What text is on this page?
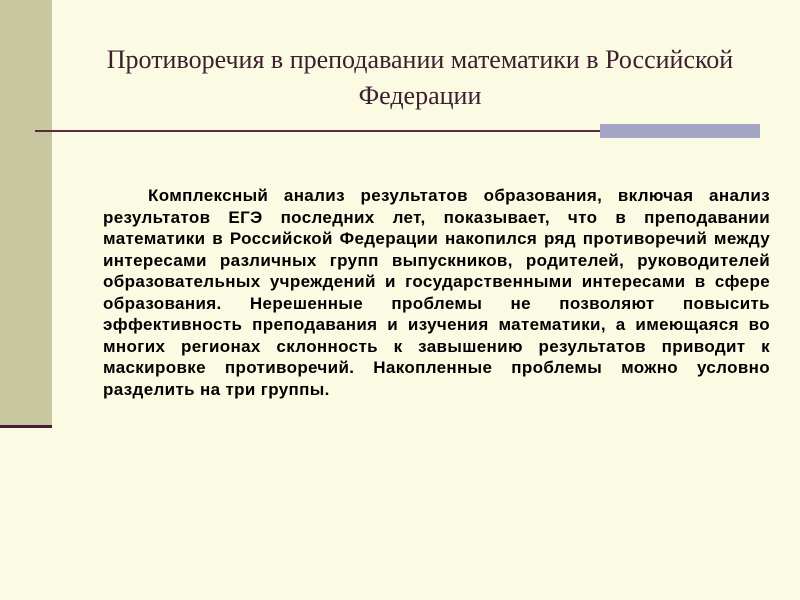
Противоречия в преподавании математики в Российской Федерации

Комплексный анализ результатов образования, включая анализ результатов ЕГЭ последних лет, показывает, что в преподавании математики в Российской Федерации накопился ряд противоречий между интересами различных групп выпускников, родителей, руководителей образовательных учреждений и государственными интересами в сфере образования. Нерешенные проблемы не позволяют повысить эффективность преподавания и изучения математики, а имеющаяся во многих регионах склонность к завышению результатов приводит к маскировке противоречий. Накопленные проблемы можно условно разделить на три группы.
